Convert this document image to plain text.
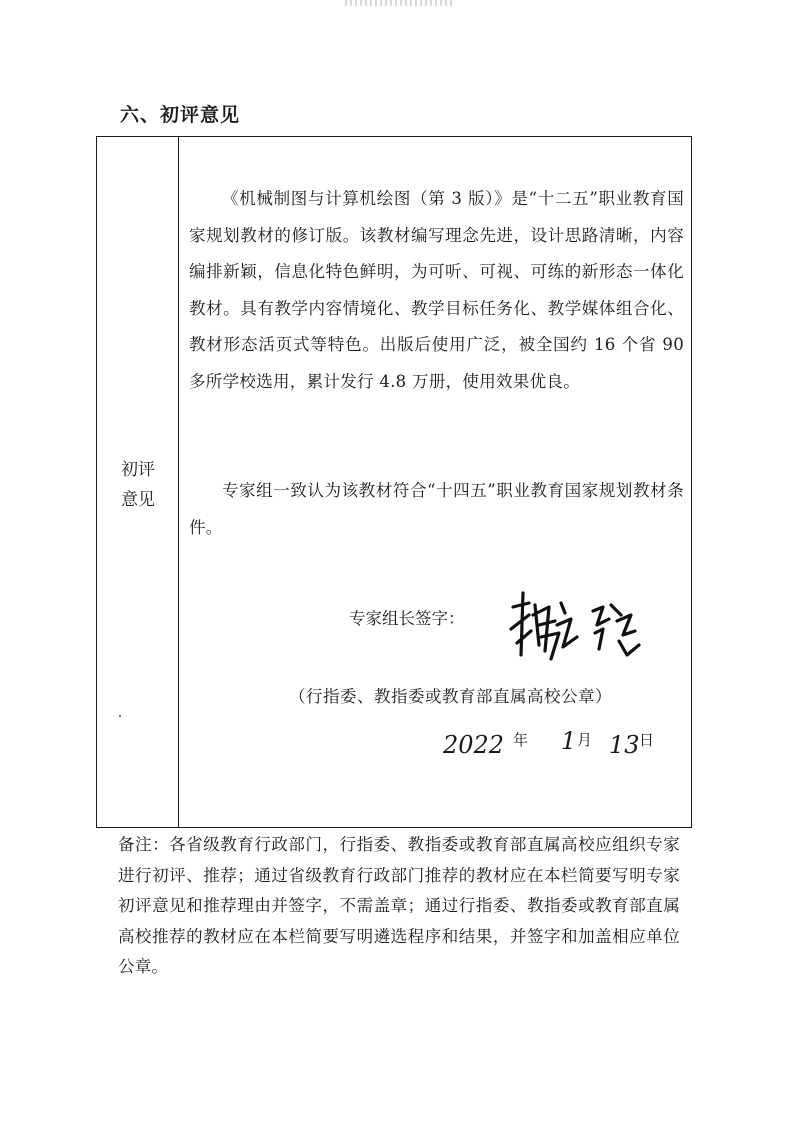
六、初评意见
初评
意见
《机械制图与计算机绘图（第 3 版）》是“十二五”职业教育国家规划教材的修订版。该教材编写理念先进，设计思路清晰，内容编排新颖，信息化特色鲜明，为可听、可视、可练的新形态一体化教材。具有教学内容情境化、教学目标任务化、教学媒体组合化、教材形态活页式等特色。出版后使用广泛，被全国约 16 个省 90 多所学校选用，累计发行 4.8 万册，使用效果优良。
专家组一致认为该教材符合“十四五”职业教育国家规划教材条件。
专家组长签字：
（行指委、教指委或教育部直属高校公章）
2022 年 1 月 13 日
备注：各省级教育行政部门，行指委、教指委或教育部直属高校应组织专家进行初评、推荐；通过省级教育行政部门推荐的教材应在本栏简要写明专家初评意见和推荐理由并签字，不需盖章；通过行指委、教指委或教育部直属高校推荐的教材应在本栏简要写明遴选程序和结果，并签字和加盖相应单位公章。
